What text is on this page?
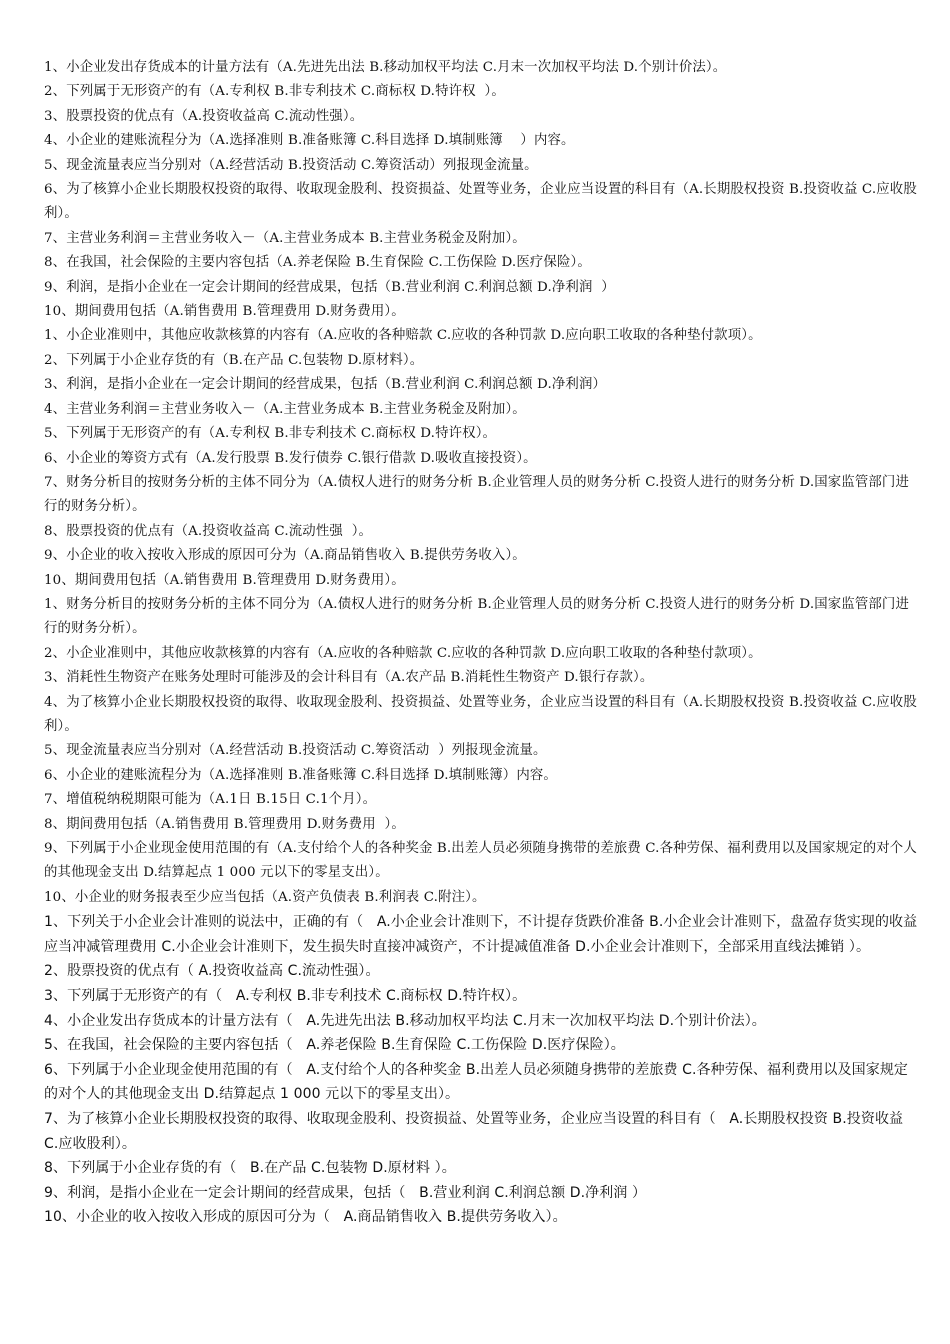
1、小企业发出存货成本的计量方法有（A.先进先出法 B.移动加权平均法 C.月末一次加权平均法 D.个别计价法）。

2、下列属于无形资产的有（A.专利权 B.非专利技术 C.商标权 D.特许权  ）。

3、股票投资的优点有（A.投资收益高 C.流动性强）。

4、小企业的建账流程分为（A.选择准则 B.准备账簿 C.科目选择 D.填制账簿    ）内容。

5、现金流量表应当分别对（A.经营活动 B.投资活动 C.筹资活动）列报现金流量。

6、为了核算小企业长期股权投资的取得、收取现金股利、投资损益、处置等业务，企业应当设置的科目有（A.长期股权投资 B.投资收益 C.应收股利）。

7、主营业务利润＝主营业务收入－（A.主营业务成本 B.主营业务税金及附加）。

8、在我国，社会保险的主要内容包括（A.养老保险 B.生育保险 C.工伤保险 D.医疗保险）。

9、利润，是指小企业在一定会计期间的经营成果，包括（B.营业利润 C.利润总额 D.净利润  ）

10、期间费用包括（A.销售费用 B.管理费用 D.财务费用）。

1、小企业准则中，其他应收款核算的内容有（A.应收的各种赔款 C.应收的各种罚款 D.应向职工收取的各种垫付款项）。

2、下列属于小企业存货的有（B.在产品 C.包装物 D.原材料）。

3、利润，是指小企业在一定会计期间的经营成果，包括（B.营业利润 C.利润总额 D.净利润）

4、主营业务利润＝主营业务收入－（A.主营业务成本 B.主营业务税金及附加）。

5、下列属于无形资产的有（A.专利权 B.非专利技术 C.商标权 D.特许权）。

6、小企业的筹资方式有（A.发行股票 B.发行债券 C.银行借款 D.吸收直接投资）。

7、财务分析目的按财务分析的主体不同分为（A.债权人进行的财务分析 B.企业管理人员的财务分析 C.投资人进行的财务分析 D.国家监管部门进行的财务分析）。

8、股票投资的优点有（A.投资收益高 C.流动性强  ）。

9、小企业的收入按收入形成的原因可分为（A.商品销售收入 B.提供劳务收入）。

10、期间费用包括（A.销售费用 B.管理费用 D.财务费用）。

1、财务分析目的按财务分析的主体不同分为（A.债权人进行的财务分析 B.企业管理人员的财务分析 C.投资人进行的财务分析 D.国家监管部门进行的财务分析）。

2、小企业准则中，其他应收款核算的内容有（A.应收的各种赔款 C.应收的各种罚款 D.应向职工收取的各种垫付款项）。

3、消耗性生物资产在账务处理时可能涉及的会计科目有（A.农产品 B.消耗性生物资产 D.银行存款）。

4、为了核算小企业长期股权投资的取得、收取现金股利、投资损益、处置等业务，企业应当设置的科目有（A.长期股权投资 B.投资收益 C.应收股利）。

5、现金流量表应当分别对（A.经营活动 B.投资活动 C.筹资活动  ）列报现金流量。

6、小企业的建账流程分为（A.选择准则 B.准备账簿 C.科目选择 D.填制账簿）内容。

7、增值税纳税期限可能为（A.1日 B.15日 C.1个月）。

8、期间费用包括（A.销售费用 B.管理费用 D.财务费用  ）。

9、下列属于小企业现金使用范围的有（A.支付给个人的各种奖金 B.出差人员必须随身携带的差旅费 C.各种劳保、福利费用以及国家规定的对个人的其他现金支出 D.结算起点 1 000 元以下的零星支出）。

10、小企业的财务报表至少应当包括（A.资产负债表 B.利润表 C.附注）。

1、下列关于小企业会计准则的说法中，正确的有（   A.小企业会计准则下，不计提存货跌价准备 B.小企业会计准则下，盘盈存货实现的收益应当冲减管理费用 C.小企业会计准则下，发生损失时直接冲减资产，不计提减值准备 D.小企业会计准则下，全部采用直线法摊销 ）。

2、股票投资的优点有（ A.投资收益高 C.流动性强）。

3、下列属于无形资产的有（   A.专利权 B.非专利技术 C.商标权 D.特许权）。

4、小企业发出存货成本的计量方法有（   A.先进先出法 B.移动加权平均法 C.月末一次加权平均法 D.个别计价法）。

5、在我国，社会保险的主要内容包括（   A.养老保险 B.生育保险 C.工伤保险 D.医疗保险）。

6、下列属于小企业现金使用范围的有（   A.支付给个人的各种奖金 B.出差人员必须随身携带的差旅费 C.各种劳保、福利费用以及国家规定的对个人的其他现金支出 D.结算起点 1 000 元以下的零星支出）。

7、为了核算小企业长期股权投资的取得、收取现金股利、投资损益、处置等业务，企业应当设置的科目有（   A.长期股权投资 B.投资收益 C.应收股利）。

8、下列属于小企业存货的有（   B.在产品 C.包装物 D.原材料 ）。

9、利润，是指小企业在一定会计期间的经营成果，包括（   B.营业利润 C.利润总额 D.净利润 ）

10、小企业的收入按收入形成的原因可分为（   A.商品销售收入 B.提供劳务收入）。
